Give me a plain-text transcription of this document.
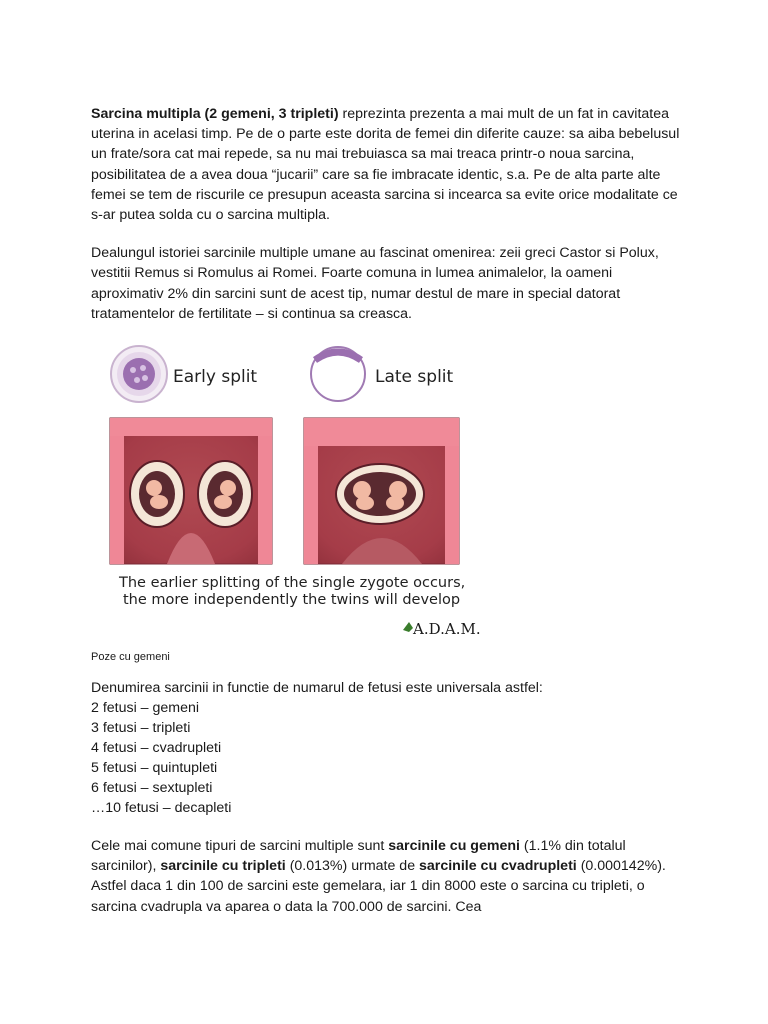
Sarcina multipla (2 gemeni, 3 tripleti) reprezinta prezenta a mai mult de un fat in cavitatea uterina in acelasi timp. Pe de o parte este dorita de femei din diferite cauze: sa aiba bebelusul un frate/sora cat mai repede, sa nu mai trebuiasca sa mai treaca printr-o noua sarcina, posibilitatea de a avea doua “jucarii” care sa fie imbracate identic, s.a. Pe de alta parte alte femei se tem de riscurile ce presupun aceasta sarcina si incearca sa evite orice modalitate ce s-ar putea solda cu o sarcina multipla.

Dealungul istoriei sarcinile multiple umane au fascinat omenirea: zeii greci Castor si Polux, vestitii Remus si Romulus ai Romei. Foarte comuna in lumea animalelor, la oameni aproximativ 2% din sarcini sunt de acest tip, numar destul de mare in special datorat tratamentelor de fertilitate – si continua sa creasca.

Early split	Late split
The earlier splitting of the single zygote occurs,
the more independently the twins will develop
A.D.A.M.
Poze cu gemeni
Denumirea sarcinii in functie de numarul de fetusi este universala astfel:
2 fetusi – gemeni
3 fetusi – tripleti
4 fetusi – cvadrupleti
5 fetusi – quintupleti
6 fetusi – sextupleti
…10 fetusi – decapleti

Cele mai comune tipuri de sarcini multiple sunt sarcinile cu gemeni (1.1% din totalul sarcinilor), sarcinile cu tripleti (0.013%) urmate de sarcinile cu cvadrupleti (0.000142%). Astfel daca 1 din 100 de sarcini este gemelara, iar 1 din 8000 este o sarcina cu tripleti, o sarcina cvadrupla va aparea o data la 700.000 de sarcini. Cea
